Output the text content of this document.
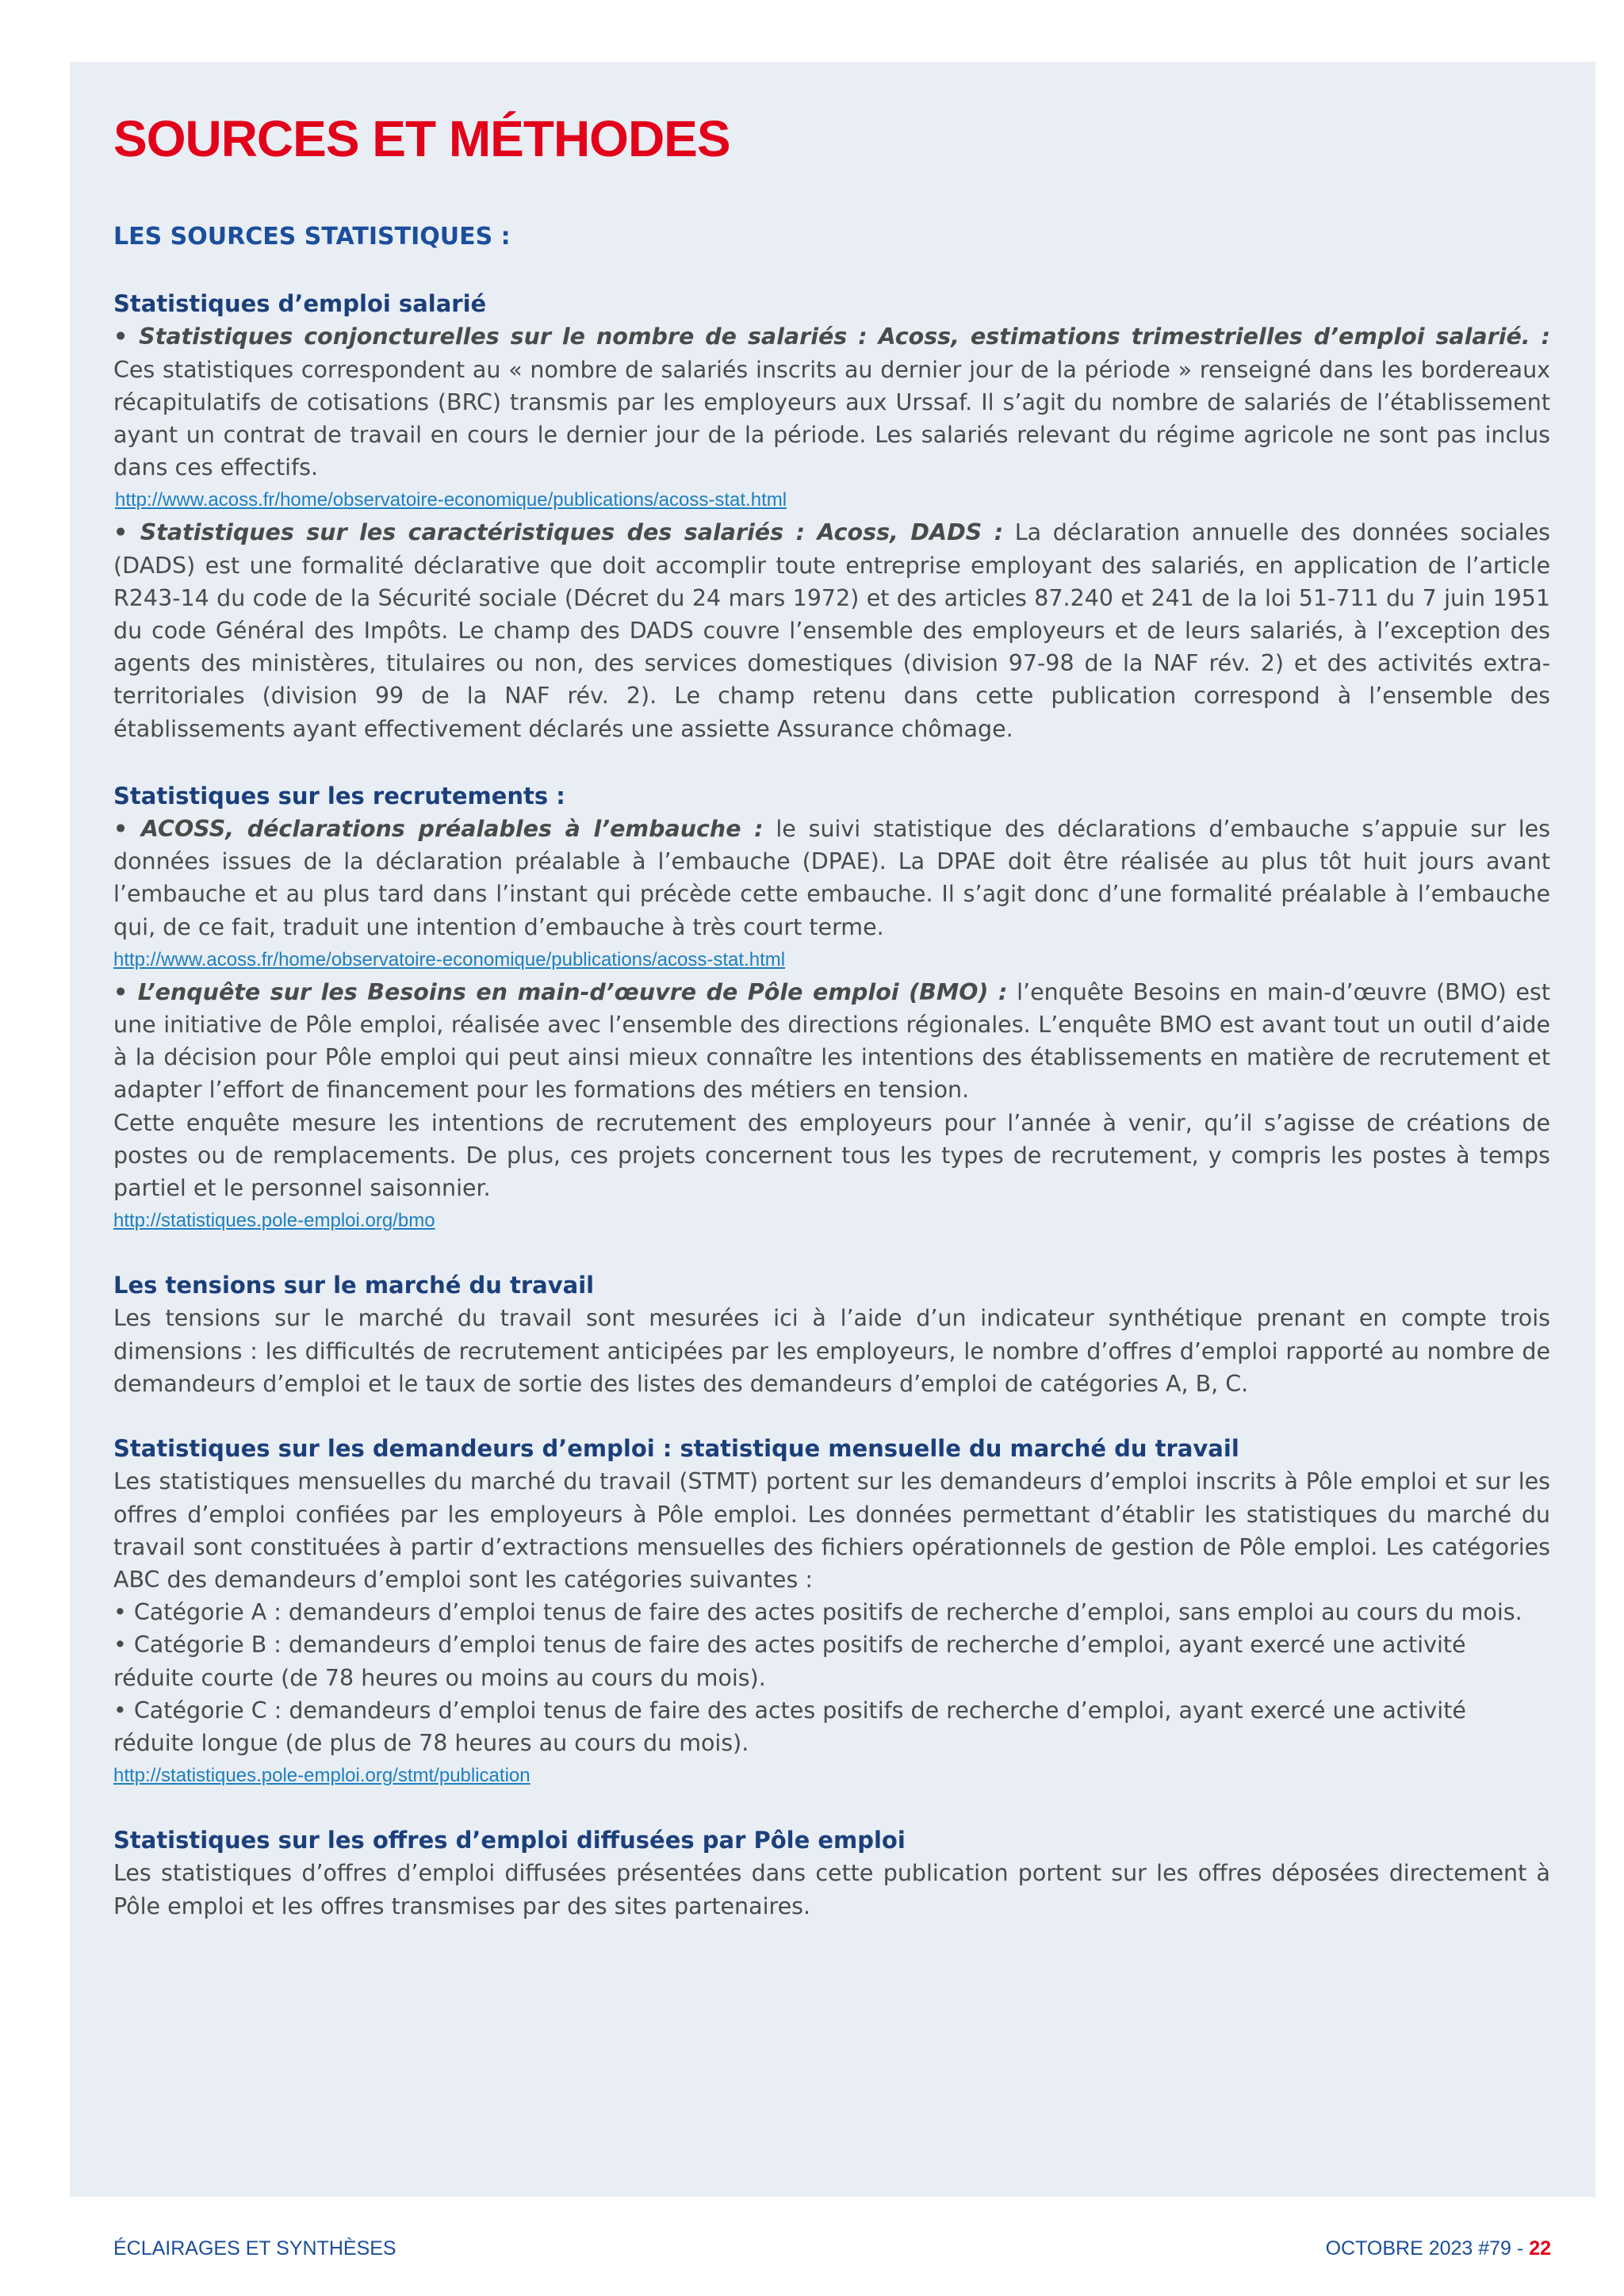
SOURCES ET MÉTHODES

LES SOURCES STATISTIQUES :

Statistiques d’emploi salarié

• Statistiques conjoncturelles sur le nombre de salariés : Acoss, estimations trimestrielles d’emploi salarié. : Ces statistiques correspondent au « nombre de salariés inscrits au dernier jour de la période » renseigné dans les bordereaux récapitulatifs de cotisations (BRC) transmis par les employeurs aux Urssaf. Il s’agit du nombre de salariés de l’établissement ayant un contrat de travail en cours le dernier jour de la période. Les salariés relevant du régime agricole ne sont pas inclus dans ces effectifs.

http://www.acoss.fr/home/observatoire-economique/publications/acoss-stat.html

• Statistiques sur les caractéristiques des salariés : Acoss, DADS : La déclaration annuelle des données sociales (DADS) est une formalité déclarative que doit accomplir toute entreprise employant des salariés, en application de l’article R243-14 du code de la Sécurité sociale (Décret du 24 mars 1972) et des articles 87.240 et 241 de la loi 51-711 du 7 juin 1951 du code Général des Impôts. Le champ des DADS couvre l’ensemble des employeurs et de leurs salariés, à l’exception des agents des ministères, titulaires ou non, des services domestiques (division 97-98 de la NAF rév. 2) et des activités extra-territoriales (division 99 de la NAF rév. 2). Le champ retenu dans cette publication correspond à l’ensemble des établissements ayant effectivement déclarés une assiette Assurance chômage.

Statistiques sur les recrutements :

• ACOSS, déclarations préalables à l’embauche : le suivi statistique des déclarations d’embauche s’appuie sur les données issues de la déclaration préalable à l’embauche (DPAE). La DPAE doit être réalisée au plus tôt huit jours avant l’embauche et au plus tard dans l’instant qui précède cette embauche. Il s’agit donc d’une formalité préalable à l’embauche qui, de ce fait, traduit une intention d’embauche à très court terme.

http://www.acoss.fr/home/observatoire-economique/publications/acoss-stat.html

• L’enquête sur les Besoins en main-d’œuvre de Pôle emploi (BMO) : l’enquête Besoins en main-d’œuvre (BMO) est une initiative de Pôle emploi, réalisée avec l’ensemble des directions régionales. L’enquête BMO est avant tout un outil d’aide à la décision pour Pôle emploi qui peut ainsi mieux connaître les intentions des établissements en matière de recrutement et adapter l’effort de financement pour les formations des métiers en tension.

Cette enquête mesure les intentions de recrutement des employeurs pour l’année à venir, qu’il s’agisse de créations de postes ou de remplacements. De plus, ces projets concernent tous les types de recrutement, y compris les postes à temps partiel et le personnel saisonnier.

http://statistiques.pole-emploi.org/bmo

Les tensions sur le marché du travail

Les tensions sur le marché du travail sont mesurées ici à l’aide d’un indicateur synthétique prenant en compte trois dimensions : les difficultés de recrutement anticipées par les employeurs, le nombre d’offres d’emploi rapporté au nombre de demandeurs d’emploi et le taux de sortie des listes des demandeurs d’emploi de catégories A, B, C.

Statistiques sur les demandeurs d’emploi : statistique mensuelle du marché du travail

Les statistiques mensuelles du marché du travail (STMT) portent sur les demandeurs d’emploi inscrits à Pôle emploi et sur les offres d’emploi confiées par les employeurs à Pôle emploi. Les données permettant d’établir les statistiques du marché du travail sont constituées à partir d’extractions mensuelles des fichiers opérationnels de gestion de Pôle emploi. Les catégories ABC des demandeurs d’emploi sont les catégories suivantes :

• Catégorie A : demandeurs d’emploi tenus de faire des actes positifs de recherche d’emploi, sans emploi au cours du mois.

• Catégorie B : demandeurs d’emploi tenus de faire des actes positifs de recherche d’emploi, ayant exercé une activité réduite courte (de 78 heures ou moins au cours du mois).

• Catégorie C : demandeurs d’emploi tenus de faire des actes positifs de recherche d’emploi, ayant exercé une activité réduite longue (de plus de 78 heures au cours du mois).

http://statistiques.pole-emploi.org/stmt/publication

Statistiques sur les offres d’emploi diffusées par Pôle emploi

Les statistiques d’offres d’emploi diffusées présentées dans cette publication portent sur les offres déposées directement à Pôle emploi et les offres transmises par des sites partenaires.

ÉCLAIRAGES ET SYNTHÈSES	OCTOBRE 2023 #79 - 22
